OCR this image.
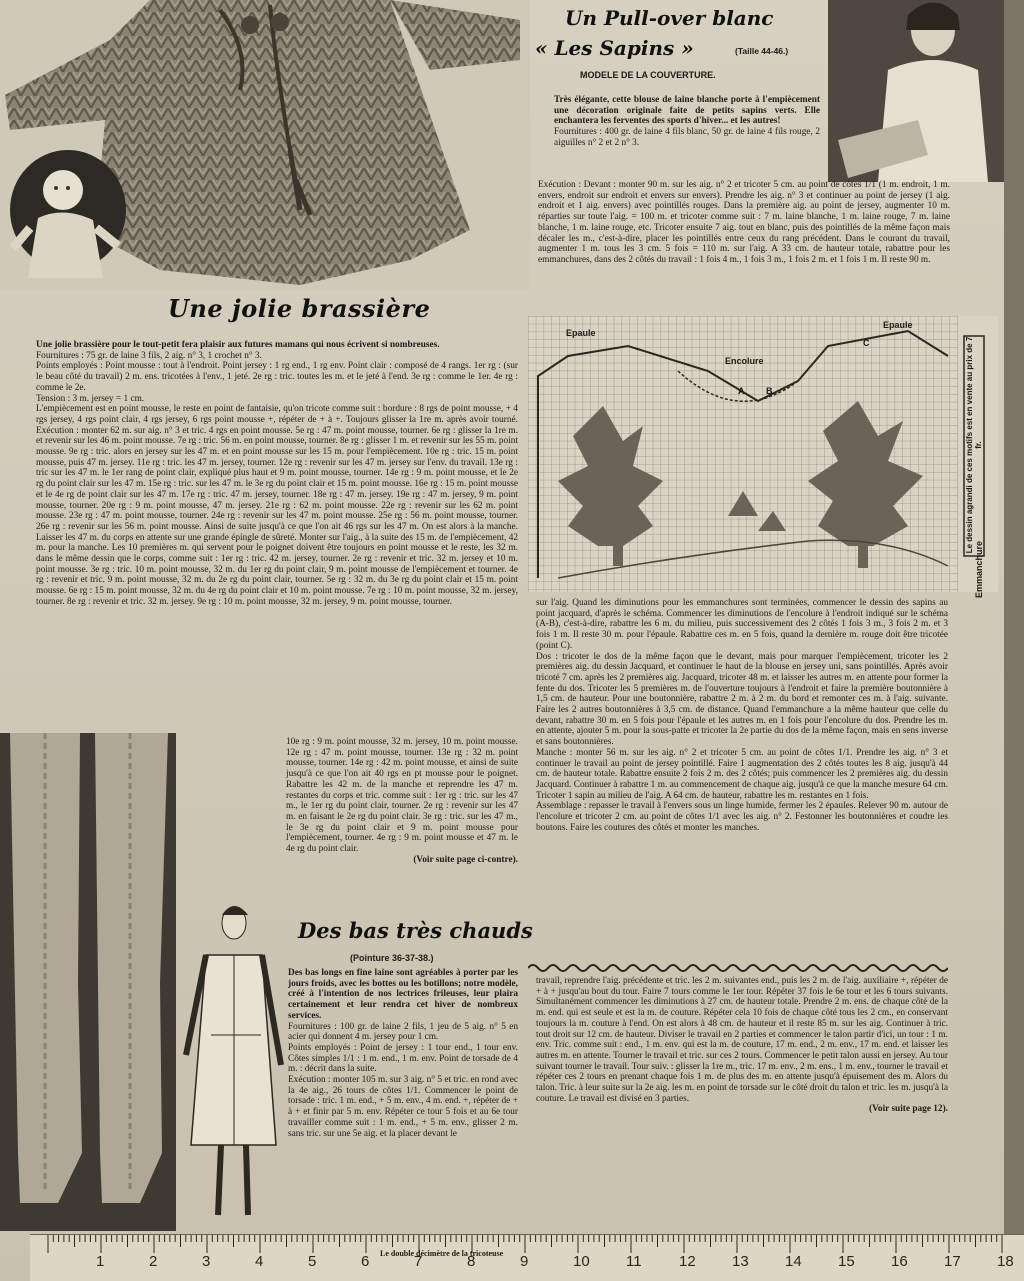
Une jolie brassière

Une jolie brassière pour le tout-petit fera plaisir aux futures mamans qui nous écrivent si nombreuses.

Fournitures : 75 gr. de laine 3 fils, 2 aig. n° 3, 1 crochet n° 3.

Points employés : Point mousse : tout à l'endroit. Point jersey : 1 rg end., 1 rg env. Point clair : composé de 4 rangs. 1er rg : (sur le beau côté du travail) 2 m. ens. tricotées à l'env., 1 jeté. 2e rg : tric. toutes les m. et le jeté à l'end. 3e rg : comme le 1er. 4e rg : comme le 2e.

Tension : 3 m. jersey = 1 cm.

L'empiècement est en point mousse, le reste en point de fantaisie, qu'on tricote comme suit : bordure : 8 rgs de point mousse, + 4 rgs jersey, 4 rgs point clair, 4 rgs jersey, 6 rgs point mousse +, répéter de + à +. Toujours glisser la 1re m. après avoir tourné. Exécution : monter 62 m. sur aig. n° 3 et tric. 4 rgs en point mousse. 5e rg : 47 m. point mousse, tourner. 6e rg : glisser la 1re m. et revenir sur les 46 m. point mousse. 7e rg : tric. 56 m. en point mousse, tourner. 8e rg : glisser 1 m. et revenir sur les 55 m. point mousse. 9e rg : tric. alors en jersey sur les 47 m. et en point mousse sur les 15 m. pour l'empiècement. 10e rg : tric. 15 m. point mousse, puis 47 m. jersey. 11e rg : tric. les 47 m. jersey, tourner. 12e rg : revenir sur les 47 m. jersey sur l'env. du travail. 13e rg : tric sur les 47 m. le 1er rang de point clair, expliqué plus haut et 9 m. point mousse, tourner. 14e rg : 9 m. point mousse, et le 2e rg du point clair sur les 47 m. 15e rg : tric. sur les 47 m. le 3e rg du point clair et 15 m. point mousse. 16e rg : 15 m. point mousse et le 4e rg de point clair sur les 47 m. 17e rg : tric. 47 m. jersey, tourner. 18e rg : 47 m. jersey. 19e rg : 47 m. jersey, 9 m. point mousse, tourner. 20e rg : 9 m. point mousse, 47 m. jersey. 21e rg : 62 m. point mousse. 22e rg : revenir sur les 62 m. point mousse. 23e rg : 47 m. point mousse, tourner. 24e rg : revenir sur les 47 m. point mousse. 25e rg : 56 m. point mousse, tourner. 26e rg : revenir sur les 56 m. point mousse. Ainsi de suite jusqu'à ce que l'on ait 46 rgs sur les 47 m. On est alors à la manche. Laisser les 47 m. du corps en attente sur une grande épingle de sûreté. Monter sur l'aig., à la suite des 15 m. de l'empiècement, 42 m. pour la manche. Les 10 premières m. qui servent pour le poignet doivent être toujours en point mousse et le reste, les 32 m. dans le même dessin que le corps, comme suit : 1er rg : tric. 42 m. jersey, tourner. 2e rg : revenir et tric. 32 m. jersey et 10 m. point mousse. 3e rg : tric. 10 m. point mousse, 32 m. du 1er rg du point clair, 9 m. point mousse de l'empiècement et tourner. 4e rg : revenir et tric. 9 m. point mousse, 32 m. du 2e rg du point clair, tourner. 5e rg : 32 m. du 3e rg du point clair et 15 m. point mousse. 6e rg : 15 m. point mousse, 32 m. du 4e rg du point clair et 10 m. point mousse. 7e rg : 10 m. point mousse, 32 m. jersey, tourner. 8e rg : revenir et tric. 32 m. jersey. 9e rg : 10 m. point mousse, 32 m. jersey, 9 m. point mousse, tourner.

10e rg : 9 m. point mousse, 32 m. jersey, 10 m. point mousse. 12e rg : 47 m. point mousse, tourner. 13e rg : 32 m. point mousse, tourner. 14e rg : 42 m. point mousse, et ainsi de suite jusqu'à ce que l'on ait 40 rgs en pt mousse pour le poignet. Rabattre les 42 m. de la manche et reprendre les 47 m. restantes du corps et tric. comme suit : 1er rg : tric. sur les 47 m., le 1er rg du point clair, tourner. 2e rg : revenir sur les 47 m. en faisant le 2e rg du point clair. 3e rg : tric. sur les 47 m., le 3e rg du point clair et 9 m. point mousse pour l'empiècement, tourner. 4e rg : 9 m. point mousse et 47 m. le 4e rg du point clair.

(Voir suite page ci-contre).

Des bas très chauds
(Pointure 36-37-38.)

Des bas longs en fine laine sont agréables à porter par les jours froids, avec les bottes ou les botillons; notre modèle, créé à l'intention de nos lectrices frileuses, leur plaira certainement et leur rendra cet hiver de nombreux services.

Fournitures : 100 gr. de laine 2 fils, 1 jeu de 5 aig. n° 5 en acier qui donnent 4 m. jersey pour 1 cm.

Points employés : Point de jersey : 1 tour end., 1 tour env. Côtes simples 1/1 : 1 m. end., 1 m. env. Point de torsade de 4 m. : décrit dans la suite.

Exécution : monter 105 m. sur 3 aig. n° 5 et tric. en rond avec la 4e aig., 26 tours de côtes 1/1. Commencer le point de torsade : tric. 1 m. end., + 5 m. env., 4 m. end. +, répéter de + à + et finir par 5 m. env. Répéter ce tour 5 fois et au 6e tour travailler comme suit : 1 m. end., + 5 m. env., glisser 2 m. sans tric. sur une 5e aig. et la placer devant le

Un Pull-over blanc
« Les Sapins »	(Taille 44-46.)
MODELE DE LA COUVERTURE.

Très élégante, cette blouse de laine blanche porte à l'empiècement une décoration originale faite de petits sapins verts. Elle enchantera les ferventes des sports d'hiver... et les autres!

Fournitures : 400 gr. de laine 4 fils blanc, 50 gr. de laine 4 fils rouge, 2 aiguilles n° 2 et 2 n° 3.

Exécution : Devant : monter 90 m. sur les aig. n° 2 et tricoter 5 cm. au point de côtes 1/1 (1 m. endroit, 1 m. envers, endroit sur endroit et envers sur envers). Prendre les aig. n° 3 et continuer au point de jersey (1 aig. endroit et 1 aig. envers) avec pointillés rouges. Dans la première aig. au point de jersey, augmenter 10 m. réparties sur toute l'aig. = 100 m. et tricoter comme suit : 7 m. laine blanche, 1 m. laine rouge, 7 m. laine blanche, 1 m. laine rouge, etc. Tricoter ensuite 7 aig. tout en blanc, puis des pointillés de la même façon mais décaler les m., c'est-à-dire, placer les pointillés entre ceux du rang précédent. Dans le courant du travail, augmenter 1 m. tous les 3 cm. 5 fois = 110 m. sur l'aig. A 33 cm. de hauteur totale, rabattre pour les emmanchures, dans des 2 côtés du travail : 1 fois 4 m., 1 fois 3 m., 1 fois 2 m. et 1 fois 1 m. Il reste 90 m.

Epaule
Epaule
Encolure
C
A B	Le dessin agrandi de ces motifs est en vente au prix de 7 fr.
Emmanchure

sur l'aig. Quand les diminutions pour les emmanchures sont terminées, commencer le dessin des sapins au point jacquard, d'après le schéma. Commencer les diminutions de l'encolure à l'endroit indiqué sur le schéma (A-B), c'est-à-dire, rabattre les 6 m. du milieu, puis successivement des 2 côtés 1 fois 3 m., 3 fois 2 m. et 3 fois 1 m. Il reste 30 m. pour l'épaule. Rabattre ces m. en 5 fois, quand la dernière m. rouge doit être tricotée (point C).

Dos : tricoter le dos de la même façon que le devant, mais pour marquer l'empiècement, tricoter les 2 premières aig. du dessin Jacquard, et continuer le haut de la blouse en jersey uni, sans pointillés. Après avoir tricoté 7 cm. après les 2 premières aig. Jacquard, tricoter 48 m. et laisser les autres m. en attente pour former la fente du dos. Tricoter les 5 premières m. de l'ouverture toujours à l'endroit et faire la première boutonnière à 1,5 cm. de hauteur. Pour une boutonnière, rabattre 2 m. à 2 m. du bord et remonter ces m. à l'aig. suivante. Faire les 2 autres boutonnières à 3,5 cm. de distance. Quand l'emmanchure a la même hauteur que celle du devant, rabattre 30 m. en 5 fois pour l'épaule et les autres m. en 1 fois pour l'encolure du dos. Prendre les m. en attente, ajouter 5 m. pour la sous-patte et tricoter la 2e partie du dos de la même façon, mais en sens inverse et sans boutonnières.

Manche : monter 56 m. sur les aig. n° 2 et tricoter 5 cm. au point de côtes 1/1. Prendre les aig. n° 3 et continuer le travail au point de jersey pointillé. Faire 1 augmentation des 2 côtés toutes les 8 aig. jusqu'à 44 cm. de hauteur totale. Rabattre ensuite 2 fois 2 m. des 2 côtés; puis commencer les 2 premières aig. du dessin Jacquard. Continuer à rabattre 1 m. au commencement de chaque aig. jusqu'à ce que la manche mesure 64 cm. Tricoter 1 sapin au milieu de l'aig. A 64 cm. de hauteur, rabattre les m. restantes en 1 fois.

Assemblage : repasser le travail à l'envers sous un linge humide, fermer les 2 épaules. Relever 90 m. autour de l'encolure et tricoter 2 cm. au point de côtes 1/1 avec les aig. n° 2. Festonner les boutonnières et coudre les boutons. Faire les coutures des côtés et monter les manches.

travail, reprendre l'aig. précédente et tric. les 2 m. suivantes end., puis les 2 m. de l'aig. auxiliaire +, répéter de + à + jusqu'au bout du tour. Faire 7 tours comme le 1er tour. Répéter 37 fois le 6e tour et les 6 tours suivants. Simultanément commencer les diminutions à 27 cm. de hauteur totale. Prendre 2 m. ens. de chaque côté de la m. end. qui est seule et est la m. de couture. Répéter cela 10 fois de chaque côté tous les 2 cm., en conservant toujours la m. couture à l'end. On est alors à 48 cm. de hauteur et il reste 85 m. sur les aig. Continuer à tric. tout droit sur 12 cm. de hauteur. Diviser le travail en 2 parties et commencer le talon partir d'ici, un tour : 1 m. env. Tric. comme suit : end., 1 m. env. qui est la m. de couture, 17 m. end., 2 m. env., 17 m. end. et laisser les autres m. en attente. Tourner le travail et tric. sur ces 2 tours. Commencer le petit talon aussi en jersey. Au tour suivant tourner le travail. Tour suiv. : glisser la 1re m., tric. 17 m. env., 2 m. ens., 1 m. env., tourner le travail et répéter ces 2 tours en prenant chaque fois 1 m. de plus des m. en attente jusqu'à épuisement des m. Alors du talon. Tric. à leur suite sur la 2e aig. les m. en point de torsade sur le côté droit du talon et tric. les m. jusqu'à la couture. Le travail est divisé en 3 parties.

(Voir suite page 12).

Le double décimètre de la tricoteuse
1	2	3	4	5	6	7	8	9	10 11 12 13 14 15 16 17 18
